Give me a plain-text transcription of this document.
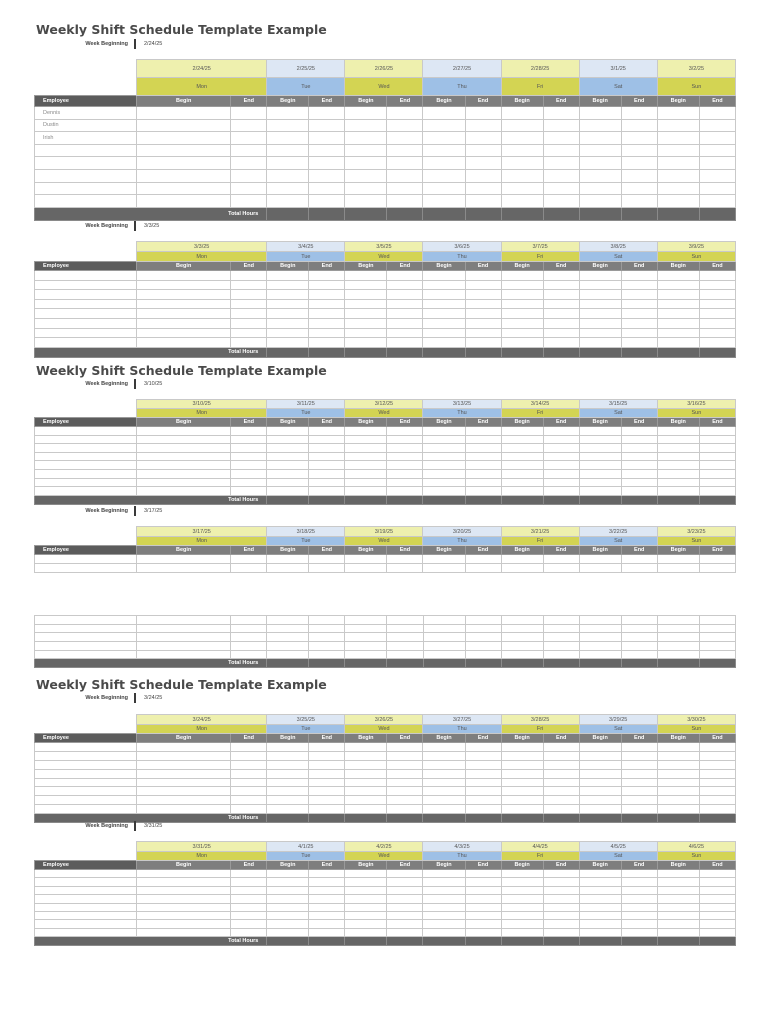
Weekly Shift Schedule Template Example
Weekly Shift Schedule Template Example
Weekly Shift Schedule Template Example
Week Beginning	2/24/25
	2/24/25		2/25/25		2/26/25		2/27/25		2/28/25		3/1/25		3/2/25	
	Mon		Tue		Wed		Thu		Fri		Sat		Sun	
Employee	Begin	End	Begin	End	Begin	End	Begin	End	Begin	End	Begin	End	Begin	End
Dennis														
Dustin														
Irish														

Total Hours														
Week Beginning	3/3/25
	3/3/25		3/4/25		3/5/25		3/6/25		3/7/25		3/8/25		3/9/25	
	Mon		Tue		Wed		Thu		Fri		Sat		Sun	
Employee	Begin	End	Begin	End	Begin	End	Begin	End	Begin	End	Begin	End	Begin	End

Total Hours														
Week Beginning	3/10/25
	3/10/25		3/11/25		3/12/25		3/13/25		3/14/25		3/15/25		3/16/25	
	Mon		Tue		Wed		Thu		Fri		Sat		Sun	
Employee	Begin	End	Begin	End	Begin	End	Begin	End	Begin	End	Begin	End	Begin	End

Total Hours														
Week Beginning	3/17/25
	3/17/25		3/18/25		3/19/25		3/20/25		3/21/25		3/22/25		3/23/25	
	Mon		Tue		Wed		Thu		Fri		Sat		Sun	
Employee	Begin	End	Begin	End	Begin	End	Begin	End	Begin	End	Begin	End	Begin	End

Week Beginning	3/24/25
	3/24/25		3/25/25		3/26/25		3/27/25		3/28/25		3/29/25		3/30/25	
	Mon		Tue		Wed		Thu		Fri		Sat		Sun	
Employee	Begin	End	Begin	End	Begin	End	Begin	End	Begin	End	Begin	End	Begin	End

Total Hours														
Week Beginning	3/31/25
	3/31/25		4/1/25		4/2/25		4/3/25		4/4/25		4/5/25		4/6/25	
	Mon		Tue		Wed		Thu		Fri		Sat		Sun	
Employee	Begin	End	Begin	End	Begin	End	Begin	End	Begin	End	Begin	End	Begin	End

Total Hours														

Total Hours														
